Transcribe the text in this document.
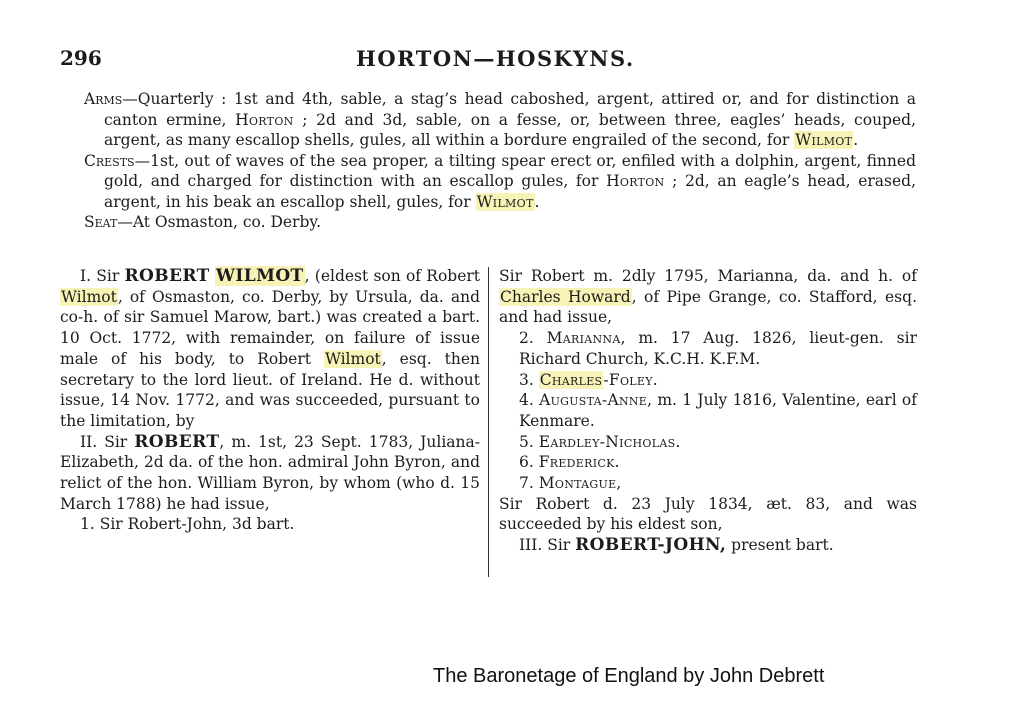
296	HORTON—HOSKYNS.

Arms—Quarterly : 1st and 4th, sable, a stag’s head caboshed, argent, attired or, and for distinction a canton ermine, Horton ; 2d and 3d, sable, on a fesse, or, between three, eagles’ heads, couped, argent, as many escallop shells, gules, all within a bordure engrailed of the second, for Wilmot.

Crests—1st, out of waves of the sea proper, a tilting spear erect or, enfiled with a dolphin, argent, finned gold, and charged for distinction with an escallop gules, for Horton ; 2d, an eagle’s head, erased, argent, in his beak an escallop shell, gules, for Wilmot.

Seat—At Osmaston, co. Derby.

I. Sir ROBERT WILMOT, (eldest son of Robert Wilmot, of Osmaston, co. Derby, by Ursula, da. and co-h. of sir Samuel Marow, bart.) was created a bart. 10 Oct. 1772, with remainder, on failure of issue male of his body, to Robert Wilmot, esq. then secretary to the lord lieut. of Ireland. He d. without issue, 14 Nov. 1772, and was succeeded, pursuant to the limitation, by

II. Sir ROBERT, m. 1st, 23 Sept. 1783, Juliana-Elizabeth, 2d da. of the hon. admiral John Byron, and relict of the hon. William Byron, by whom (who d. 15 March 1788) he had issue,

1. Sir Robert-John, 3d bart.

Sir Robert m. 2dly 1795, Marianna, da. and h. of Charles Howard, of Pipe Grange, co. Stafford, esq. and had issue,

2. Marianna, m. 17 Aug. 1826, lieut-gen. sir Richard Church, K.C.H. K.F.M.

3. Charles-Foley.

4. Augusta-Anne, m. 1 July 1816, Valentine, earl of Kenmare.

5. Eardley-Nicholas.

6. Frederick.

7. Montague,

Sir Robert d. 23 July 1834, æt. 83, and was succeeded by his eldest son,

III. Sir ROBERT-JOHN, present bart.

The Baronetage of England by John Debrett
